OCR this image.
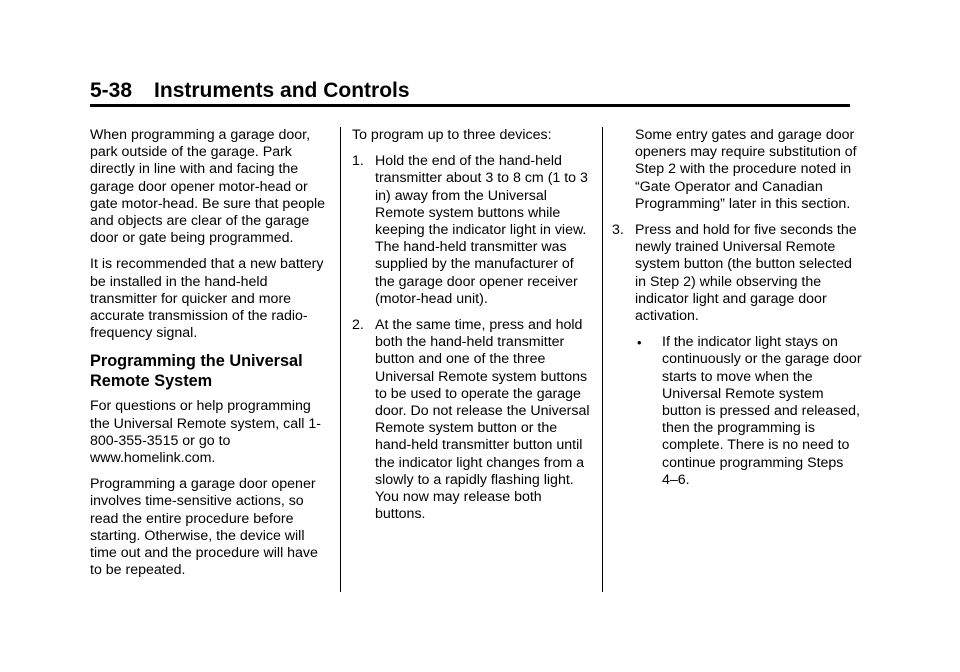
5-38 Instruments and Controls

When programming a garage door, park outside of the garage. Park directly in line with and facing the garage door opener motor-head or gate motor-head. Be sure that people and objects are clear of the garage door or gate being programmed.

It is recommended that a new battery be installed in the hand-held transmitter for quicker and more accurate transmission of the radio-frequency signal.

Programming the Universal
Remote System

For questions or help programming the Universal Remote system, call 1-800-355-3515 or go to www.homelink.com.

Programming a garage door opener involves time-sensitive actions, so read the entire procedure before starting. Otherwise, the device will time out and the procedure will have to be repeated.

To program up to three devices:

1. Hold the end of the hand-held transmitter about 3 to 8 cm (1 to 3 in) away from the Universal Remote system buttons while keeping the indicator light in view. The hand-held transmitter was supplied by the manufacturer of the garage door opener receiver (motor-head unit).
2. At the same time, press and hold both the hand-held transmitter button and one of the three Universal Remote system buttons to be used to operate the garage door. Do not release the Universal Remote system button or the hand-held transmitter button until the indicator light changes from a slowly to a rapidly flashing light. You now may release both buttons.
Some entry gates and garage door openers may require substitution of Step 2 with the procedure noted in “Gate Operator and Canadian Programming” later in this section.
3. Press and hold for five seconds the newly trained Universal Remote system button (the button selected in Step 2) while observing the indicator light and garage door activation.
• If the indicator light stays on continuously or the garage door starts to move when the Universal Remote system button is pressed and released, then the programming is complete. There is no need to continue programming Steps 4–6.
